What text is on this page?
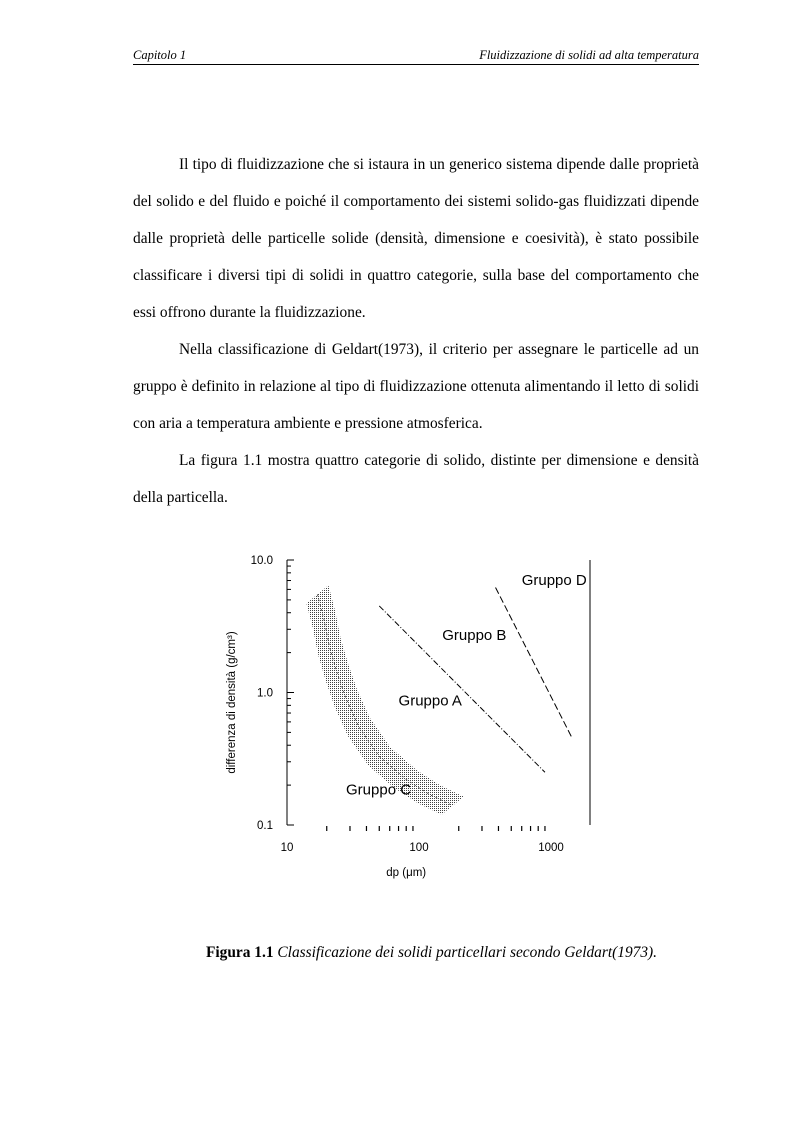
Capitolo 1	Fluidizzazione di solidi ad alta temperatura

Il tipo di fluidizzazione che si istaura in un generico sistema dipende dalle proprietà del solido e del fluido e poiché il comportamento dei sistemi solido-gas fluidizzati dipende dalle proprietà delle particelle solide (densità, dimensione e coesività), è stato possibile classificare i diversi tipi di solidi in quattro categorie, sulla base del comportamento che essi offrono durante la fluidizzazione.

Nella classificazione di Geldart(1973), il criterio per assegnare le particelle ad un gruppo è definito in relazione al tipo di fluidizzazione ottenuta alimentando il letto di solidi con aria a temperatura ambiente e pressione atmosferica.

La figura 1.1 mostra quattro categorie di solido, distinte per dimensione e densità della particella.

10.0
1.0
0.1
10	100	1000
dp (μm)
differenza di densità (g/cm³)
Gruppo C
Gruppo A
Gruppo B
Gruppo D
Figura 1.1 Classificazione dei solidi particellari secondo Geldart(1973).
